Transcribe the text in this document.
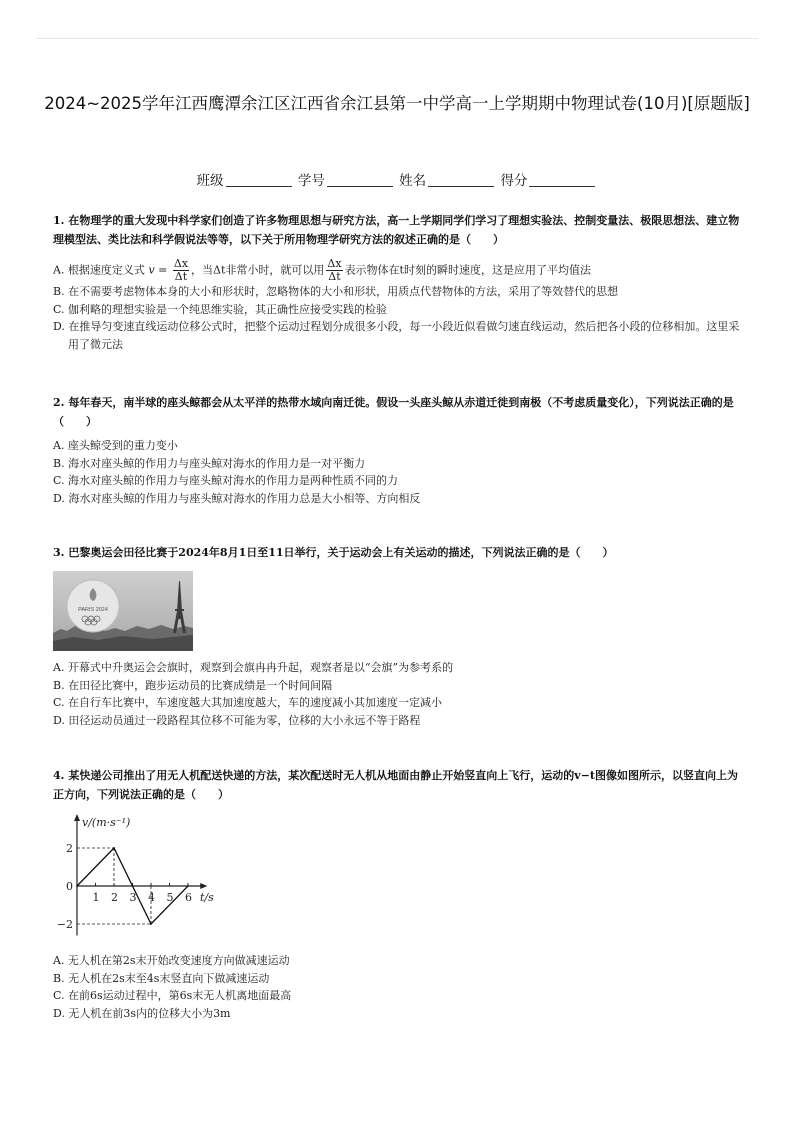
2024~2025学年江西鹰潭余江区江西省余江县第一中学高一上学期期中物理试卷(10月)[原题版]
班级	学号	姓名	得分
1. 在物理学的重大发现中科学家们创造了许多物理思想与研究方法，高一上学期同学们学习了理想实验法、控制变量法、极限思想法、建立物理模型法、类比法和科学假说法等等，以下关于所用物理学研究方法的叙述正确的是（　　）
A. 根据速度定义式 $v = \frac{\Delta x}{\Delta t}$ ，当Δt非常小时，就可以用 $\frac{\Delta x}{\Delta t}$ 表示物体在t时刻的瞬时速度，这是应用了平均值法
B. 在不需要考虑物体本身的大小和形状时，忽略物体的大小和形状，用质点代替物体的方法，采用了等效替代的思想
C. 伽利略的理想实验是一个纯思维实验，其正确性应接受实践的检验
D. 在推导匀变速直线运动位移公式时，把整个运动过程划分成很多小段，每一小段近似看做匀速直线运动，然后把各小段的位移相加。这里采用了微元法
2. 每年春天，南半球的座头鲸都会从太平洋的热带水域向南迁徙。假设一头座头鲸从赤道迁徙到南极（不考虑质量变化），下列说法正确的是（　　）
A. 座头鲸受到的重力变小
B. 海水对座头鲸的作用力与座头鲸对海水的作用力是一对平衡力
C. 海水对座头鲸的作用力与座头鲸对海水的作用力是两种性质不同的力
D. 海水对座头鲸的作用力与座头鲸对海水的作用力总是大小相等、方向相反
3. 巴黎奥运会田径比赛于2024年8月1日至11日举行，关于运动会上有关运动的描述，下列说法正确的是（　　）
PARIS 2024
A. 开幕式中升奥运会会旗时，观察到会旗冉冉升起，观察者是以“会旗”为参考系的
B. 在田径比赛中，跑步运动员的比赛成绩是一个时间间隔
C. 在自行车比赛中，车速度越大其加速度越大，车的速度减小其加速度一定减小
D. 田径运动员通过一段路程其位移不可能为零，位移的大小永远不等于路程
4. 某快递公司推出了用无人机配送快递的方法，某次配送时无人机从地面由静止开始竖直向上飞行，运动的v−t图像如图所示，以竖直向上为正方向，下列说法正确的是（　　）
v/(m·s⁻¹)
t/s
1 2 3 4 5 6
2
0
−2
A. 无人机在第2s末开始改变速度方向做减速运动
B. 无人机在2s末至4s末竖直向下做减速运动
C. 在前6s运动过程中，第6s末无人机离地面最高
D. 无人机在前3s内的位移大小为3m
